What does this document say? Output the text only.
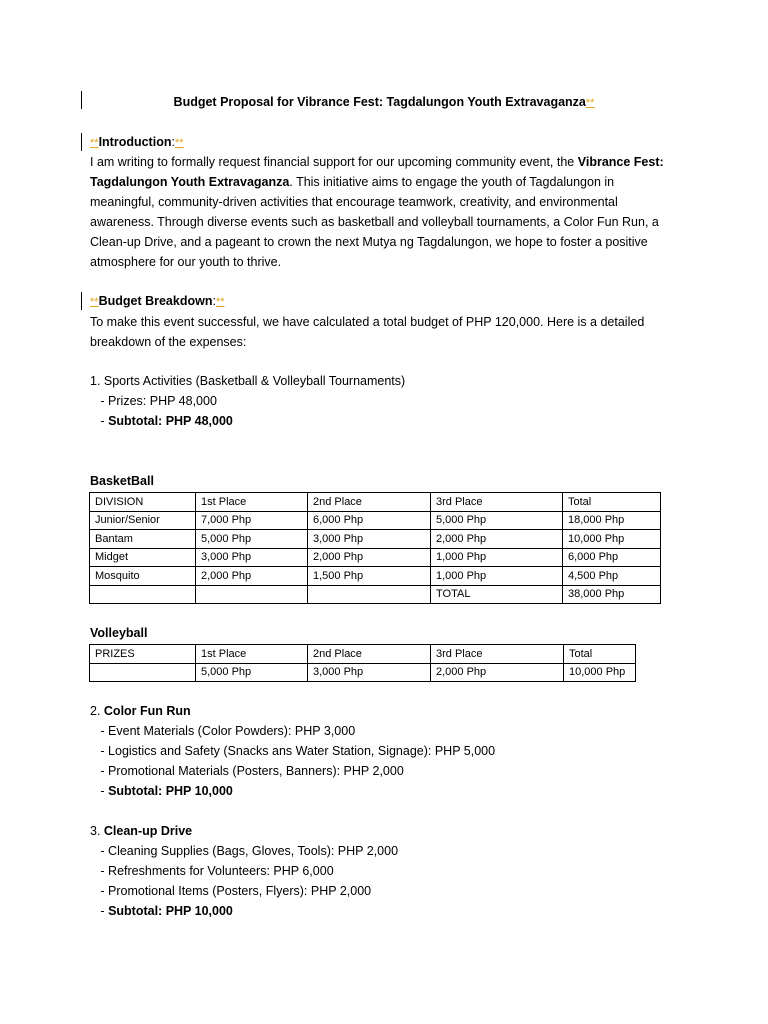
Budget Proposal for Vibrance Fest: Tagdalungon Youth Extravaganza**
**Introduction:**
I am writing to formally request financial support for our upcoming community event, the Vibrance Fest: Tagdalungon Youth Extravaganza. This initiative aims to engage the youth of Tagdalungon in meaningful, community-driven activities that encourage teamwork, creativity, and environmental awareness. Through diverse events such as basketball and volleyball tournaments, a Color Fun Run, a Clean-up Drive, and a pageant to crown the next Mutya ng Tagdalungon, we hope to foster a positive atmosphere for our youth to thrive.
**Budget Breakdown:**
To make this event successful, we have calculated a total budget of PHP 120,000. Here is a detailed breakdown of the expenses:
1. Sports Activities (Basketball & Volleyball Tournaments)
- Prizes: PHP 48,000
- Subtotal: PHP 48,000
BasketBall
DIVISION	1st Place	2nd Place	3rd Place	Total
Junior/Senior	7,000 Php	6,000 Php	5,000 Php	18,000 Php
Bantam	5,000 Php	3,000 Php	2,000 Php	10,000 Php
Midget	3,000 Php	2,000 Php	1,000 Php	6,000 Php
Mosquito	2,000 Php	1,500 Php	1,000 Php	4,500 Php
			TOTAL	38,000 Php
Volleyball
PRIZES	1st Place	2nd Place	3rd Place	Total
	5,000 Php	3,000 Php	2,000 Php	10,000 Php
2. Color Fun Run
- Event Materials (Color Powders): PHP 3,000
- Logistics and Safety (Snacks ans Water Station, Signage): PHP 5,000
- Promotional Materials (Posters, Banners): PHP 2,000
- Subtotal: PHP 10,000
3. Clean-up Drive
- Cleaning Supplies (Bags, Gloves, Tools): PHP 2,000
- Refreshments for Volunteers: PHP 6,000
- Promotional Items (Posters, Flyers): PHP 2,000
- Subtotal: PHP 10,000
